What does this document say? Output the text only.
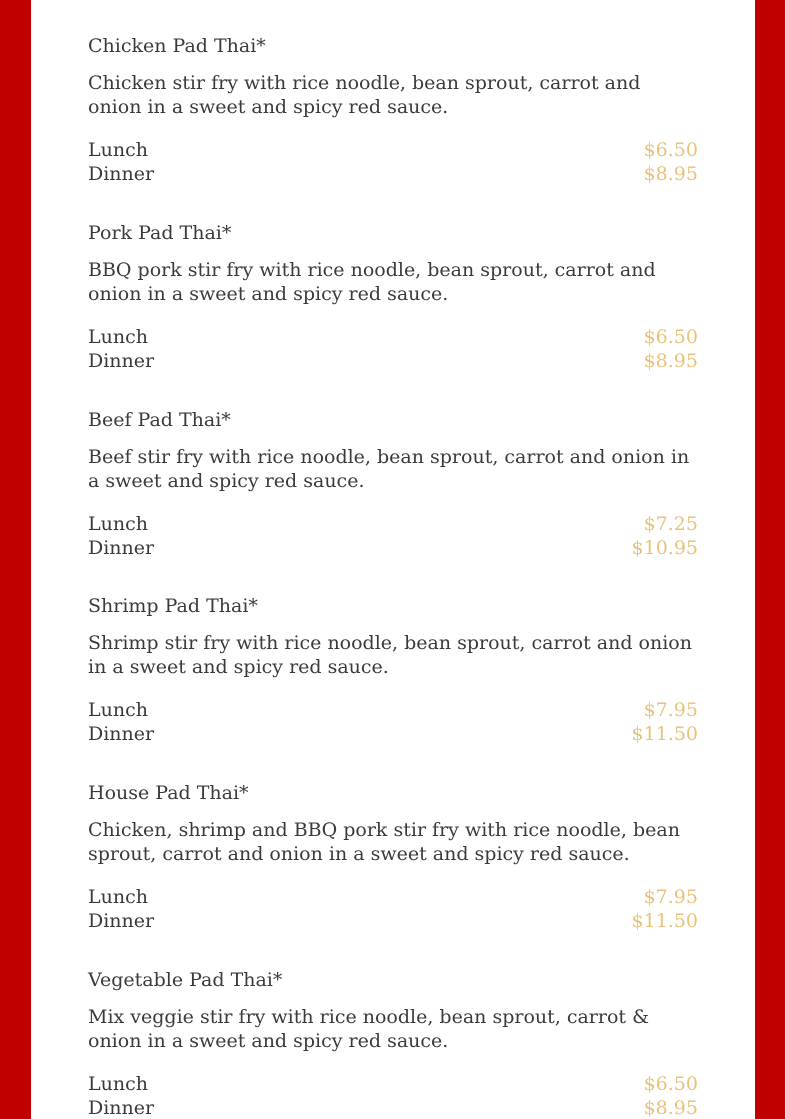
Chicken Pad Thai*

Chicken stir fry with rice noodle, bean sprout, carrot and onion in a sweet and spicy red sauce.

Lunch	$6.50
Dinner	$8.95

Pork Pad Thai*

BBQ pork stir fry with rice noodle, bean sprout, carrot and onion in a sweet and spicy red sauce.

Lunch	$6.50
Dinner	$8.95

Beef Pad Thai*

Beef stir fry with rice noodle, bean sprout, carrot and onion in a sweet and spicy red sauce.

Lunch	$7.25
Dinner	$10.95

Shrimp Pad Thai*

Shrimp stir fry with rice noodle, bean sprout, carrot and onion in a sweet and spicy red sauce.

Lunch	$7.95
Dinner	$11.50

House Pad Thai*

Chicken, shrimp and BBQ pork stir fry with rice noodle, bean sprout, carrot and onion in a sweet and spicy red sauce.

Lunch	$7.95
Dinner	$11.50

Vegetable Pad Thai*

Mix veggie stir fry with rice noodle, bean sprout, carrot & onion in a sweet and spicy red sauce.

Lunch	$6.50
Dinner	$8.95
